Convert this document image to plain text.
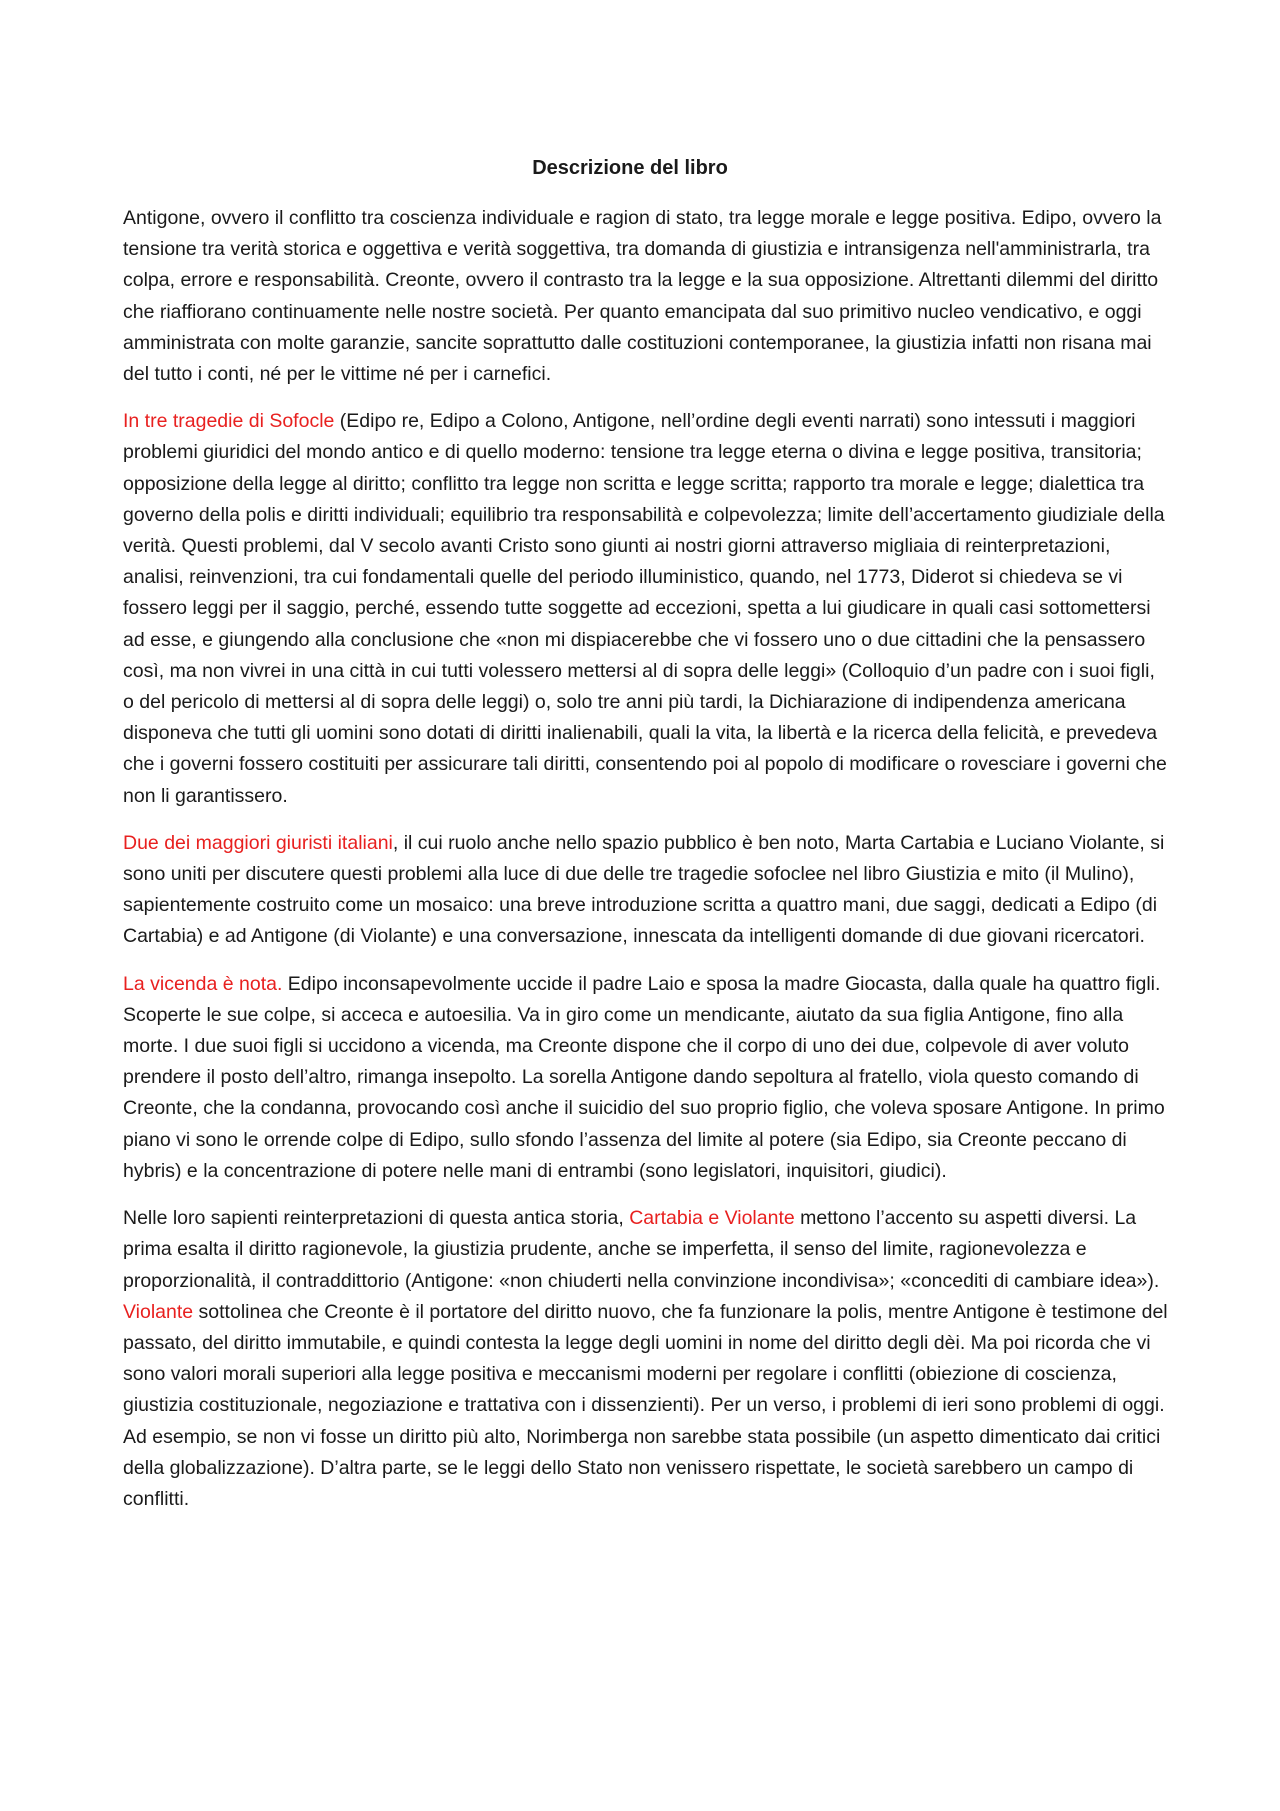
Descrizione del libro

Antigone, ovvero il conflitto tra coscienza individuale e ragion di stato, tra legge morale e legge positiva. Edipo, ovvero la tensione tra verità storica e oggettiva e verità soggettiva, tra domanda di giustizia e intransigenza nell'amministrarla, tra colpa, errore e responsabilità. Creonte, ovvero il contrasto tra la legge e la sua opposizione. Altrettanti dilemmi del diritto che riaffiorano continuamente nelle nostre società. Per quanto emancipata dal suo primitivo nucleo vendicativo, e oggi amministrata con molte garanzie, sancite soprattutto dalle costituzioni contemporanee, la giustizia infatti non risana mai del tutto i conti, né per le vittime né per i carnefici.

In tre tragedie di Sofocle (Edipo re, Edipo a Colono, Antigone, nell’ordine degli eventi narrati) sono intessuti i maggiori problemi giuridici del mondo antico e di quello moderno: tensione tra legge eterna o divina e legge positiva, transitoria; opposizione della legge al diritto; conflitto tra legge non scritta e legge scritta; rapporto tra morale e legge; dialettica tra governo della polis e diritti individuali; equilibrio tra responsabilità e colpevolezza; limite dell’accertamento giudiziale della verità. Questi problemi, dal V secolo avanti Cristo sono giunti ai nostri giorni attraverso migliaia di reinterpretazioni, analisi, reinvenzioni, tra cui fondamentali quelle del periodo illuministico, quando, nel 1773, Diderot si chiedeva se vi fossero leggi per il saggio, perché, essendo tutte soggette ad eccezioni, spetta a lui giudicare in quali casi sottomettersi ad esse, e giungendo alla conclusione che «non mi dispiacerebbe che vi fossero uno o due cittadini che la pensassero così, ma non vivrei in una città in cui tutti volessero mettersi al di sopra delle leggi» (Colloquio d’un padre con i suoi figli, o del pericolo di mettersi al di sopra delle leggi) o, solo tre anni più tardi, la Dichiarazione di indipendenza americana disponeva che tutti gli uomini sono dotati di diritti inalienabili, quali la vita, la libertà e la ricerca della felicità, e prevedeva che i governi fossero costituiti per assicurare tali diritti, consentendo poi al popolo di modificare o rovesciare i governi che non li garantissero.

Due dei maggiori giuristi italiani, il cui ruolo anche nello spazio pubblico è ben noto, Marta Cartabia e Luciano Violante, si sono uniti per discutere questi problemi alla luce di due delle tre tragedie sofoclee nel libro Giustizia e mito (il Mulino), sapientemente costruito come un mosaico: una breve introduzione scritta a quattro mani, due saggi, dedicati a Edipo (di Cartabia) e ad Antigone (di Violante) e una conversazione, innescata da intelligenti domande di due giovani ricercatori.

La vicenda è nota. Edipo inconsapevolmente uccide il padre Laio e sposa la madre Giocasta, dalla quale ha quattro figli. Scoperte le sue colpe, si acceca e autoesilia. Va in giro come un mendicante, aiutato da sua figlia Antigone, fino alla morte. I due suoi figli si uccidono a vicenda, ma Creonte dispone che il corpo di uno dei due, colpevole di aver voluto prendere il posto dell’altro, rimanga insepolto. La sorella Antigone dando sepoltura al fratello, viola questo comando di Creonte, che la condanna, provocando così anche il suicidio del suo proprio figlio, che voleva sposare Antigone. In primo piano vi sono le orrende colpe di Edipo, sullo sfondo l’assenza del limite al potere (sia Edipo, sia Creonte peccano di hybris) e la concentrazione di potere nelle mani di entrambi (sono legislatori, inquisitori, giudici).

Nelle loro sapienti reinterpretazioni di questa antica storia, Cartabia e Violante mettono l’accento su aspetti diversi. La prima esalta il diritto ragionevole, la giustizia prudente, anche se imperfetta, il senso del limite, ragionevolezza e proporzionalità, il contraddittorio (Antigone: «non chiuderti nella convinzione incondivisa»; «concediti di cambiare idea»). Violante sottolinea che Creonte è il portatore del diritto nuovo, che fa funzionare la polis, mentre Antigone è testimone del passato, del diritto immutabile, e quindi contesta la legge degli uomini in nome del diritto degli dèi. Ma poi ricorda che vi sono valori morali superiori alla legge positiva e meccanismi moderni per regolare i conflitti (obiezione di coscienza, giustizia costituzionale, negoziazione e trattativa con i dissenzienti). Per un verso, i problemi di ieri sono problemi di oggi. Ad esempio, se non vi fosse un diritto più alto, Norimberga non sarebbe stata possibile (un aspetto dimenticato dai critici della globalizzazione). D’altra parte, se le leggi dello Stato non venissero rispettate, le società sarebbero un campo di conflitti.
